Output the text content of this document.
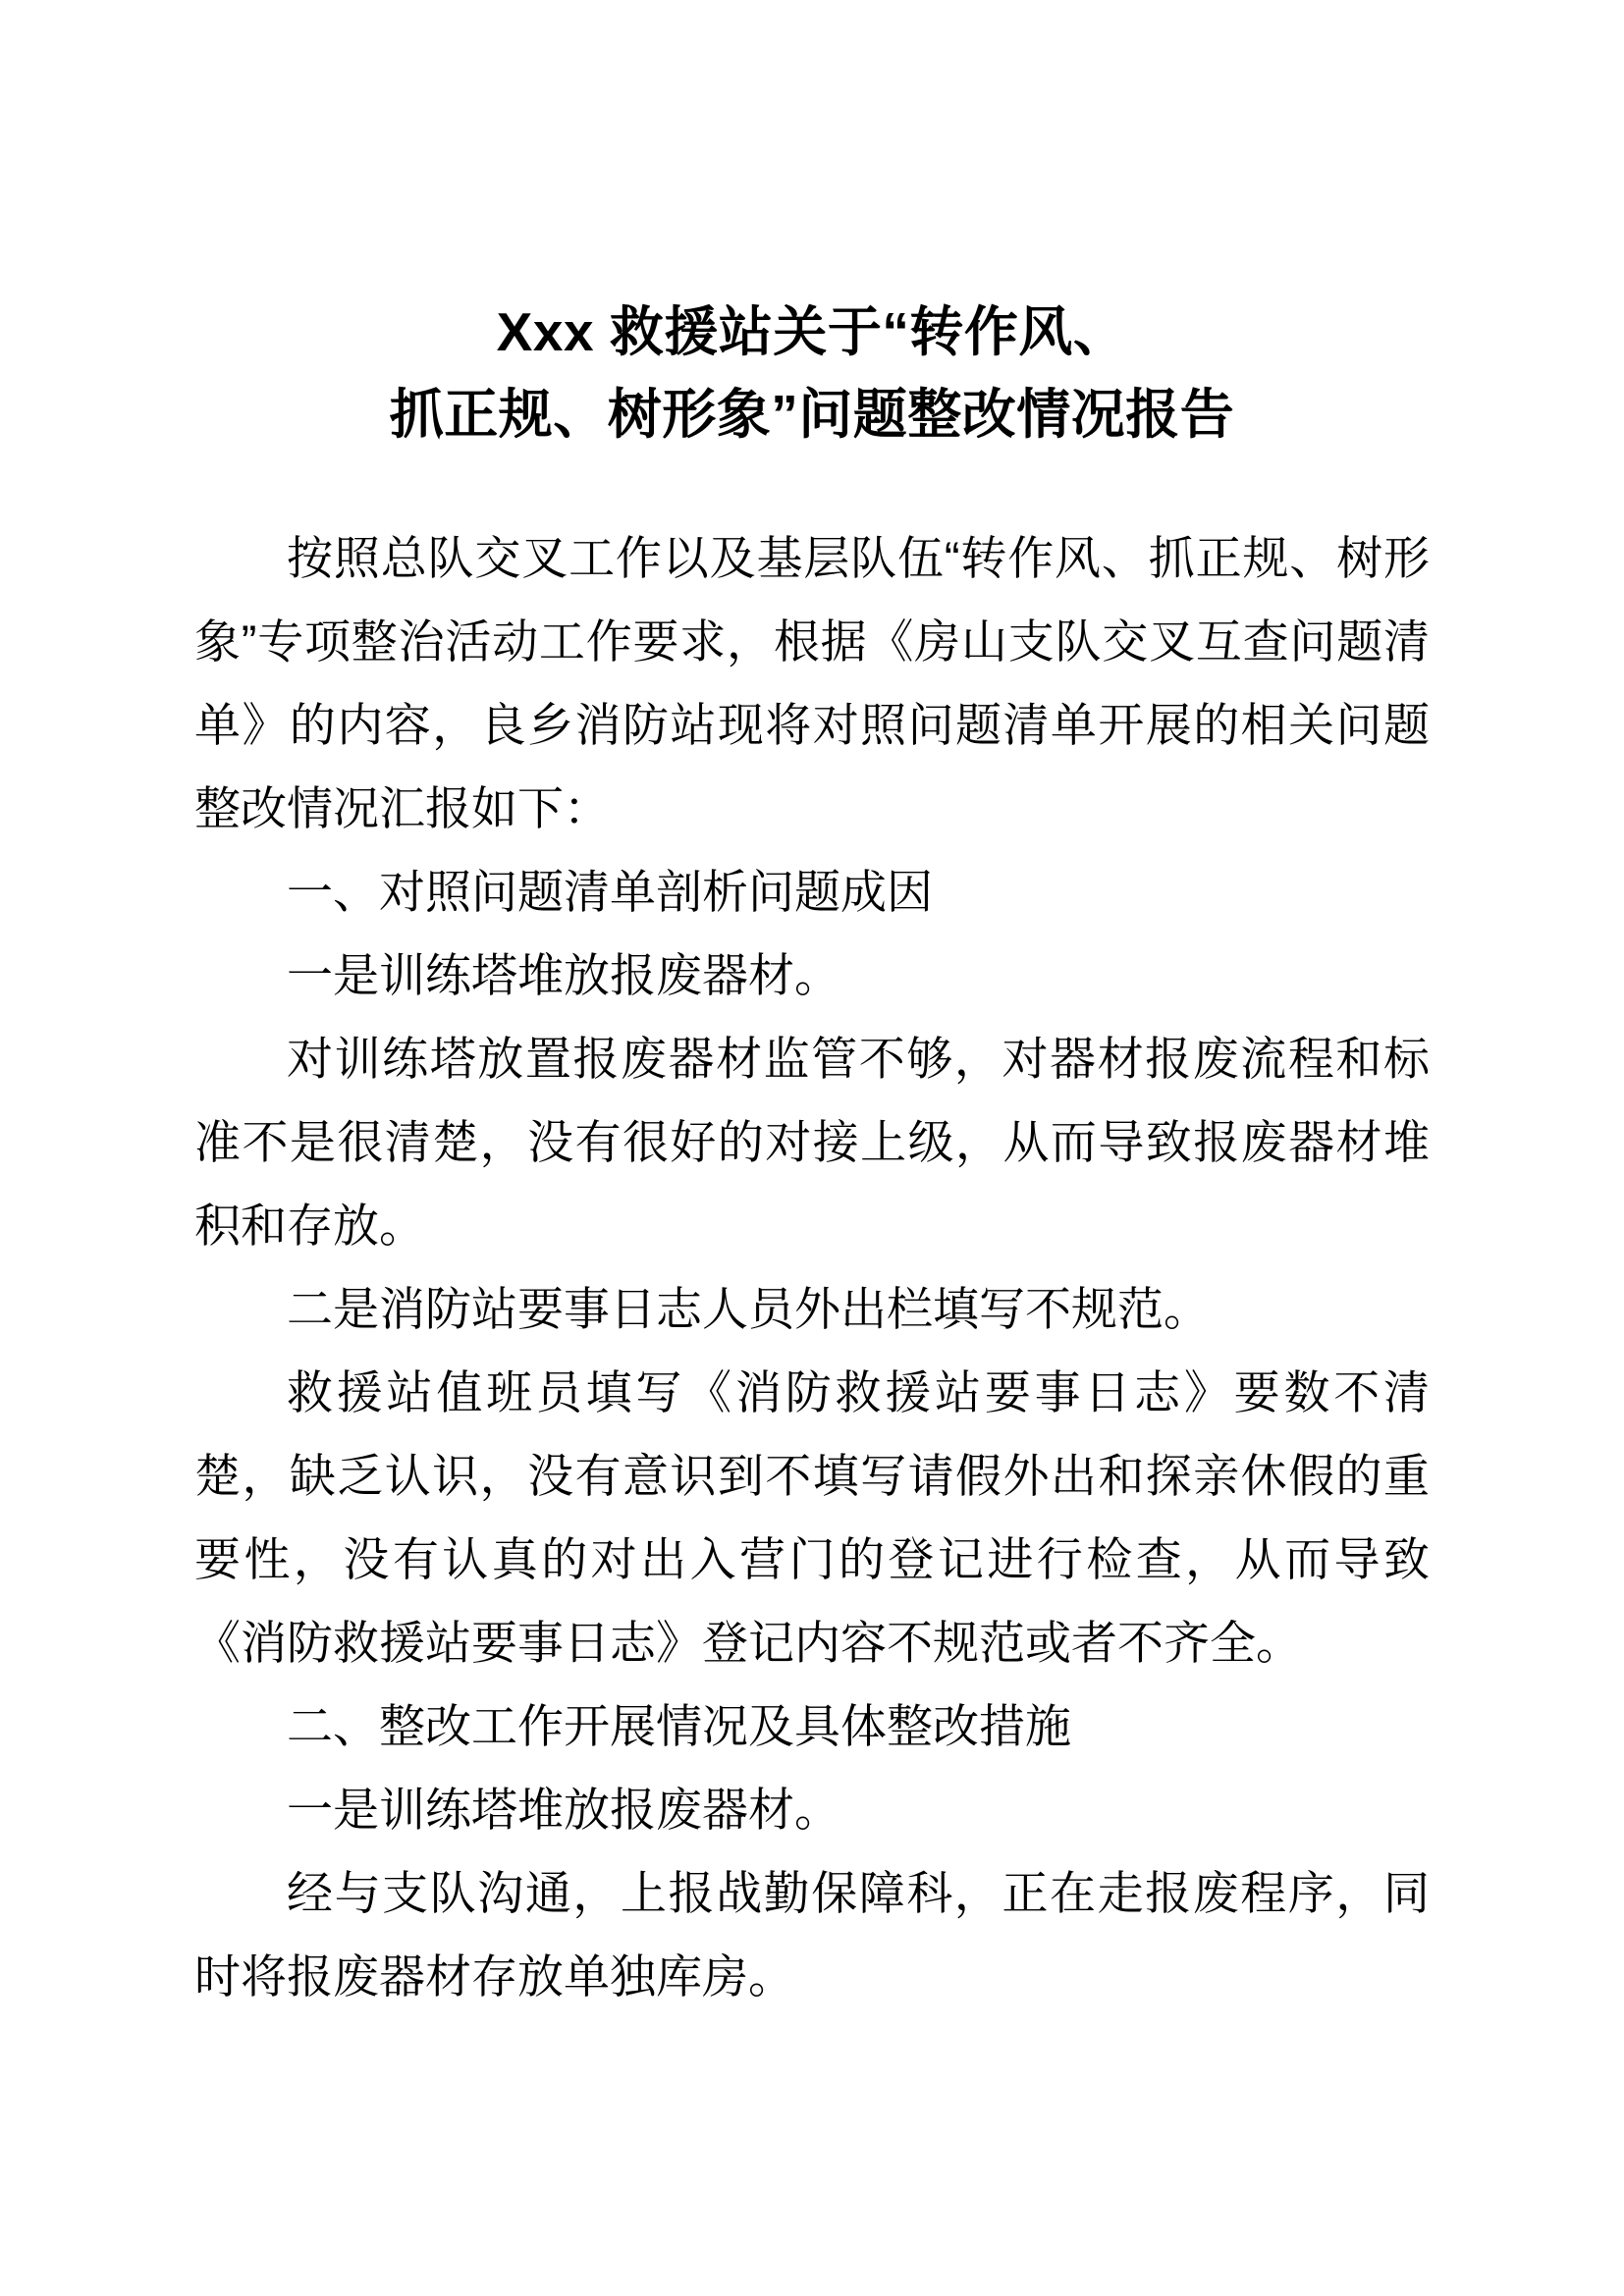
Xxx 救援站关于“转作风、
抓正规、树形象”问题整改情况报告

按照总队交叉工作以及基层队伍“转作风、抓正规、树形象”专项整治活动工作要求，根据《房山支队交叉互查问题清单》的内容，良乡消防站现将对照问题清单开展的相关问题整改情况汇报如下：

一、对照问题清单剖析问题成因

一是训练塔堆放报废器材。

对训练塔放置报废器材监管不够，对器材报废流程和标准不是很清楚，没有很好的对接上级，从而导致报废器材堆积和存放。

二是消防站要事日志人员外出栏填写不规范。

救援站值班员填写《消防救援站要事日志》要数不清楚，缺乏认识，没有意识到不填写请假外出和探亲休假的重要性，没有认真的对出入营门的登记进行检查，从而导致《消防救援站要事日志》登记内容不规范或者不齐全。

二、整改工作开展情况及具体整改措施

一是训练塔堆放报废器材。

经与支队沟通，上报战勤保障科，正在走报废程序，同时将报废器材存放单独库房。
